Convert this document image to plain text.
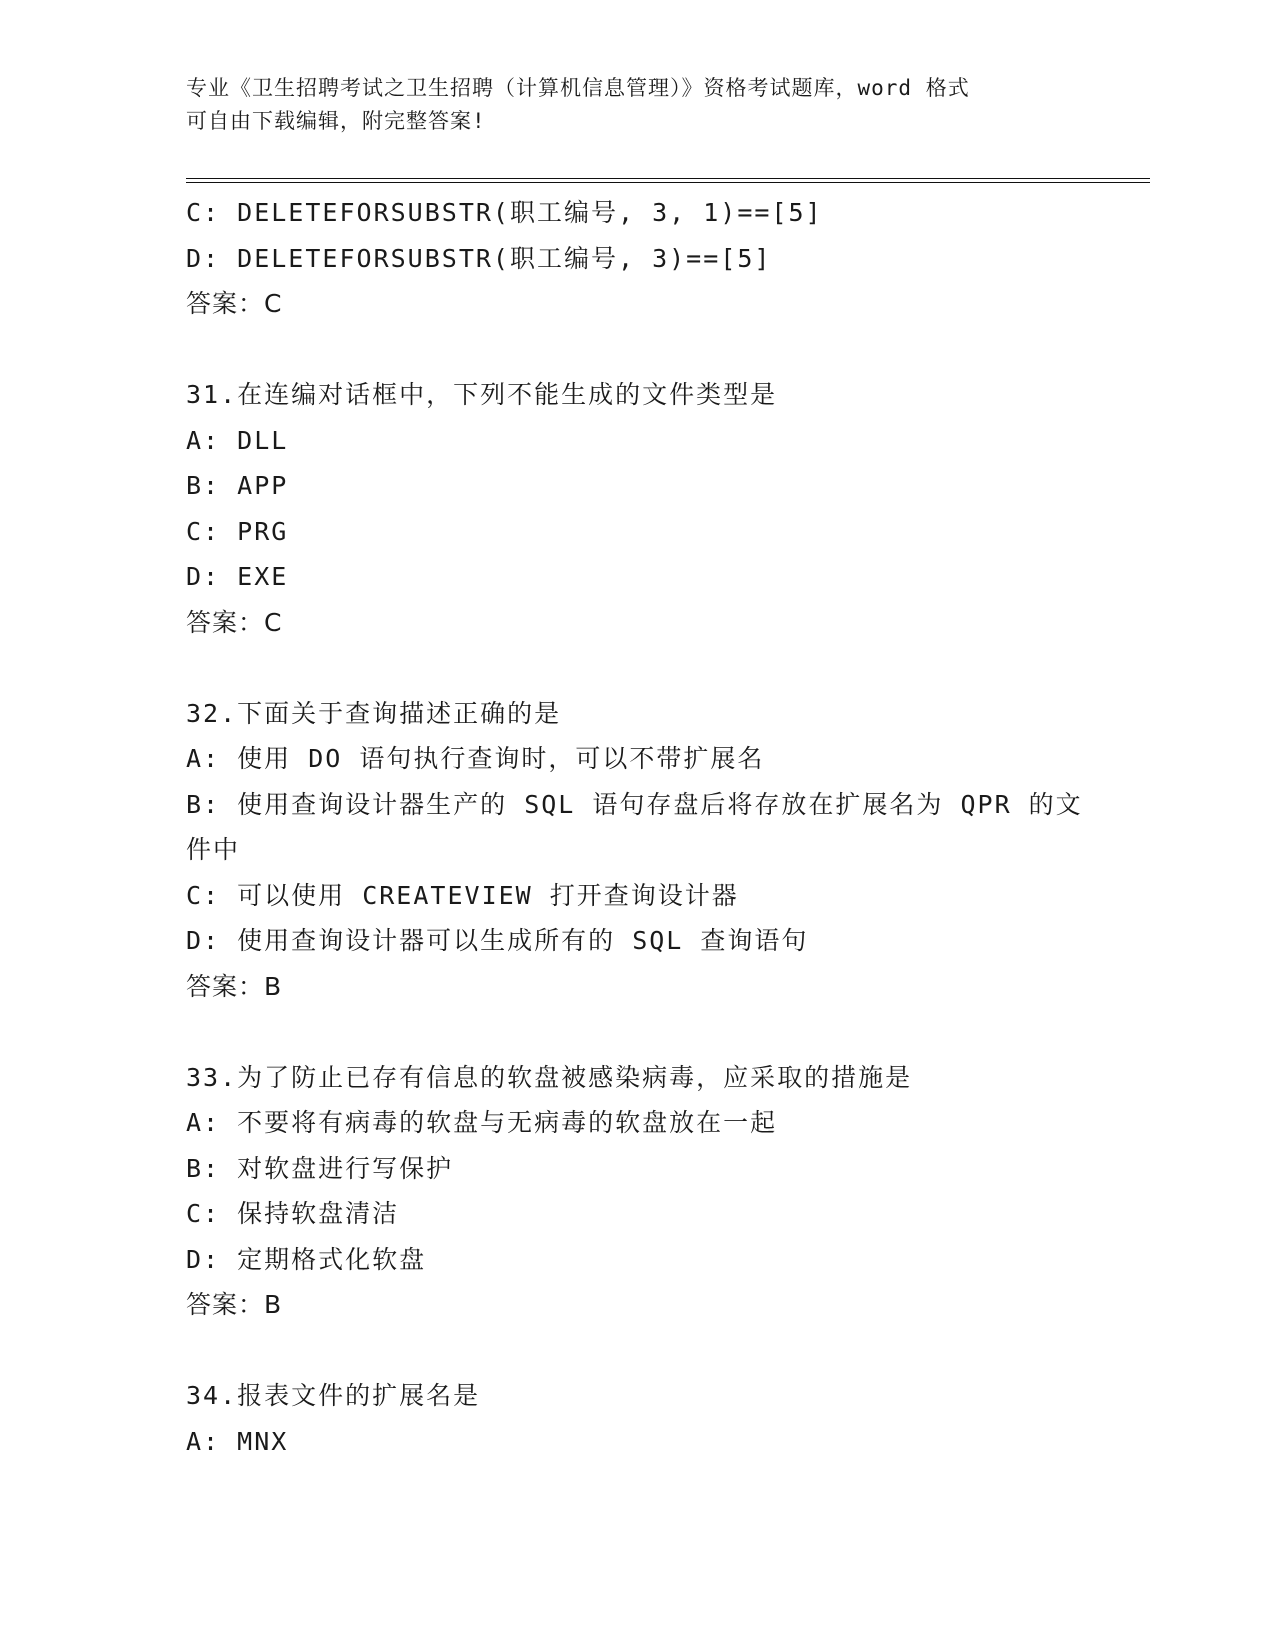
专业《卫生招聘考试之卫生招聘（计算机信息管理）》资格考试题库，word 格式
可自由下载编辑，附完整答案!
C: DELETEFORSUBSTR(职工编号, 3, 1)==[5]
D: DELETEFORSUBSTR(职工编号, 3)==[5]
答案：C
31.在连编对话框中，下列不能生成的文件类型是
A: DLL
B: APP
C: PRG
D: EXE
答案：C
32.下面关于查询描述正确的是
A: 使用 DO 语句执行查询时，可以不带扩展名
B: 使用查询设计器生产的 SQL 语句存盘后将存放在扩展名为 QPR 的文
件中
C: 可以使用 CREATEVIEW 打开查询设计器
D: 使用查询设计器可以生成所有的 SQL 查询语句
答案：B
33.为了防止已存有信息的软盘被感染病毒，应采取的措施是
A: 不要将有病毒的软盘与无病毒的软盘放在一起
B: 对软盘进行写保护
C: 保持软盘清洁
D: 定期格式化软盘
答案：B
34.报表文件的扩展名是
A: MNX
